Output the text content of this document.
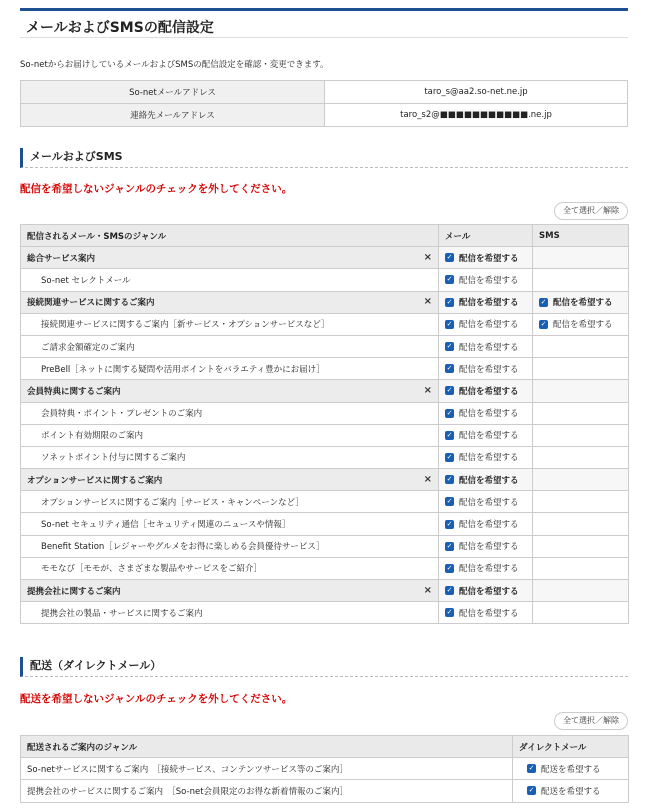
メールおよびSMSの配信設定
So-netからお届けしているメールおよびSMSの配信設定を確認・変更できます。
So-netメールアドレス	taro_s@aa2.so-net.ne.jp
連絡先メールアドレス	taro_s2@■■■■■■■■■■■.ne.jp
メールおよびSMS
配信を希望しないジャンルのチェックを外してください。
全て選択／解除
配信されるメール・SMSのジャンル	メール	SMS
総合サービス案内 ×	✓ 配信を希望する	

So-net セレクトメール	✓ 配信を希望する	

接続関連サービスに関するご案内 ×	✓ 配信を希望する	✓ 配信を希望する

接続関連サービスに関するご案内［新サービス・オプションサービスなど］	✓ 配信を希望する	✓ 配信を希望する

ご請求金額確定のご案内	✓ 配信を希望する	

PreBell［ネットに関する疑問や活用ポイントをバラエティ豊かにお届け］	✓ 配信を希望する	

会員特典に関するご案内 ×	✓ 配信を希望する	

会員特典・ポイント・プレゼントのご案内	✓ 配信を希望する	

ポイント有効期限のご案内	✓ 配信を希望する	

ソネットポイント付与に関するご案内	✓ 配信を希望する	

オプションサービスに関するご案内 ×	✓ 配信を希望する	

オプションサービスに関するご案内［サービス・キャンペーンなど］	✓ 配信を希望する	

So-net セキュリティ通信［セキュリティ関連のニュースや情報］	✓ 配信を希望する	

Benefit Station［レジャーやグルメをお得に楽しめる会員優待サービス］	✓ 配信を希望する	

モモなび［モモが、さまざまな製品やサービスをご紹介］	✓ 配信を希望する	

提携会社に関するご案内 ×	✓ 配信を希望する	

提携会社の製品・サービスに関するご案内	✓ 配信を希望する	

配送（ダイレクトメール）
配送を希望しないジャンルのチェックを外してください。
全て選択／解除
配送されるご案内のジャンル	ダイレクトメール
So-netサービスに関するご案内　［接続サービス、コンテンツサービス等のご案内］	✓ 配送を希望する

提携会社のサービスに関するご案内　［So-net会員限定のお得な新着情報のご案内］	✓ 配送を希望する
